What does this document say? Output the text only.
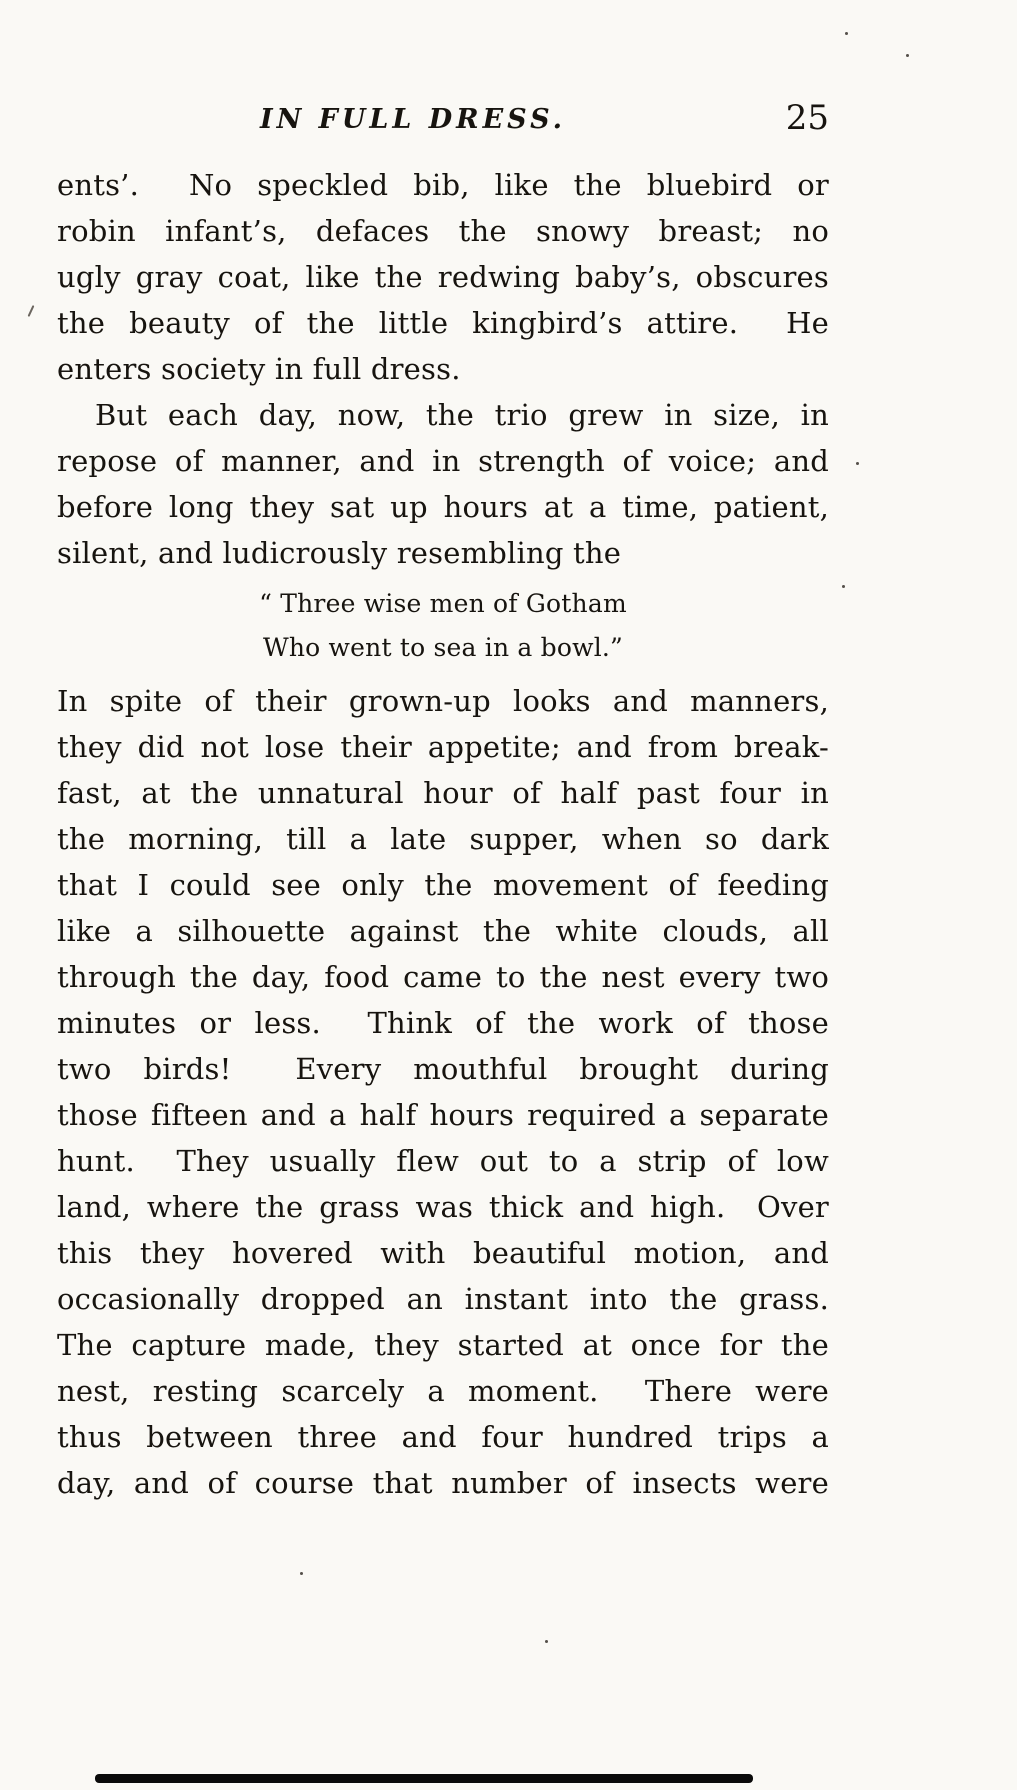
IN FULL DRESS.	25
ents’.  No speckled bib, like the bluebird or
robin infant’s, defaces the snowy breast; no
ugly gray coat, like the redwing baby’s, obscures
the beauty of the little kingbird’s attire.  He
enters society in full dress.
But each day, now, the trio grew in size, in
repose of manner, and in strength of voice; and
before long they sat up hours at a time, patient,
silent, and ludicrously resembling the
“ Three wise men of Gotham
Who went to sea in a bowl.”
In spite of their grown-up looks and manners,
they did not lose their appetite; and from break-
fast, at the unnatural hour of half past four in
the morning, till a late supper, when so dark
that I could see only the movement of feeding
like a silhouette against the white clouds, all
through the day, food came to the nest every two
minutes or less.  Think of the work of those
two birds!  Every mouthful brought during
those fifteen and a half hours required a separate
hunt.  They usually flew out to a strip of low
land, where the grass was thick and high.  Over
this they hovered with beautiful motion, and
occasionally dropped an instant into the grass.
The capture made, they started at once for the
nest, resting scarcely a moment.  There were
thus between three and four hundred trips a
day, and of course that number of insects were
